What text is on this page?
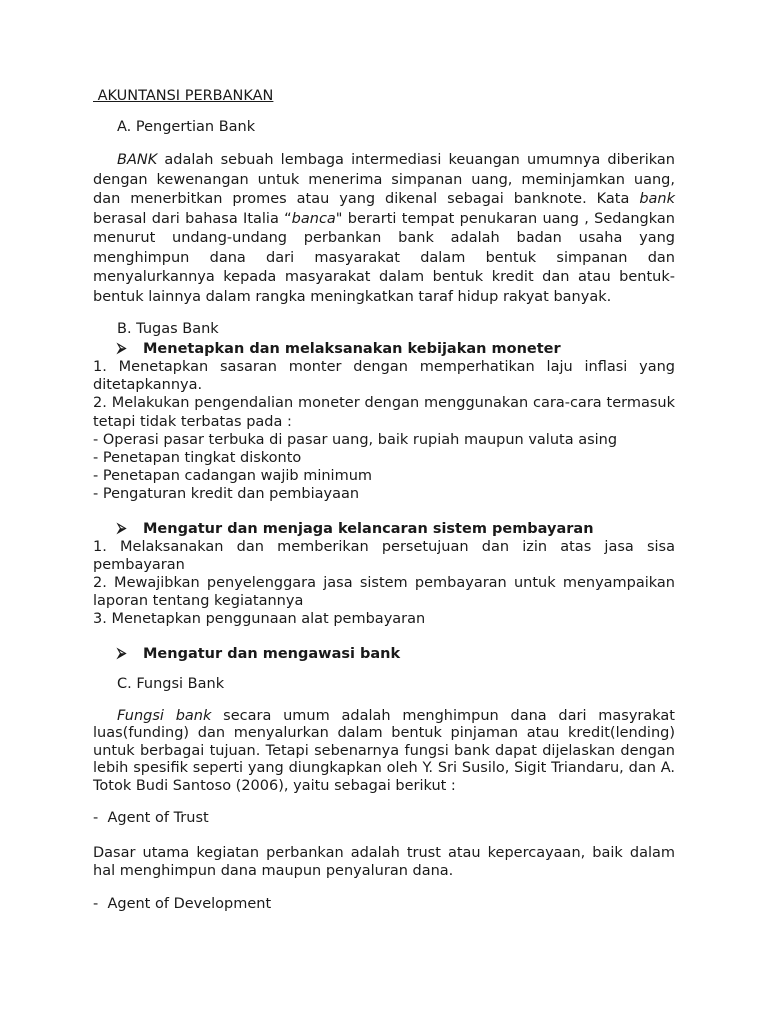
AKUNTANSI PERBANKAN
A. Pengertian Bank

BANK adalah sebuah lembaga intermediasi keuangan umumnya diberikan dengan kewenangan untuk menerima simpanan uang, meminjamkan uang, dan menerbitkan promes atau yang dikenal sebagai banknote. Kata bank berasal dari bahasa Italia “banca" berarti tempat penukaran uang , Sedangkan menurut undang-undang perbankan bank adalah badan usaha yang menghimpun dana dari masyarakat dalam bentuk simpanan dan menyalurkannya kepada masyarakat dalam bentuk kredit dan atau bentuk-bentuk lainnya dalam rangka meningkatkan taraf hidup rakyat banyak.

B. Tugas Bank
⮚	Menetapkan dan melaksanakan kebijakan moneter
1. Menetapkan sasaran monter dengan memperhatikan laju inflasi yang ditetapkannya.
2. Melakukan pengendalian moneter dengan menggunakan cara-cara termasuk tetapi tidak terbatas pada :
- Operasi pasar terbuka di pasar uang, baik rupiah maupun valuta asing
- Penetapan tingkat diskonto
- Penetapan cadangan wajib minimum
- Pengaturan kredit dan pembiayaan
⮚	Mengatur dan menjaga kelancaran sistem pembayaran
1. Melaksanakan dan memberikan persetujuan dan izin atas jasa sisa pembayaran
2. Mewajibkan penyelenggara jasa sistem pembayaran untuk menyampaikan laporan tentang kegiatannya
3. Menetapkan penggunaan alat pembayaran
⮚	Mengatur dan mengawasi bank
C. Fungsi Bank

Fungsi bank secara umum adalah menghimpun dana dari masyrakat luas(funding) dan menyalurkan dalam bentuk pinjaman atau kredit(lending) untuk berbagai tujuan. Tetapi sebenarnya fungsi bank dapat dijelaskan dengan lebih spesifik seperti yang diungkapkan oleh Y. Sri Susilo, Sigit Triandaru, dan A. Totok Budi Santoso (2006), yaitu sebagai berikut :

-  Agent of Trust

Dasar utama kegiatan perbankan adalah trust atau kepercayaan, baik dalam hal menghimpun dana maupun penyaluran dana.

-  Agent of Development
